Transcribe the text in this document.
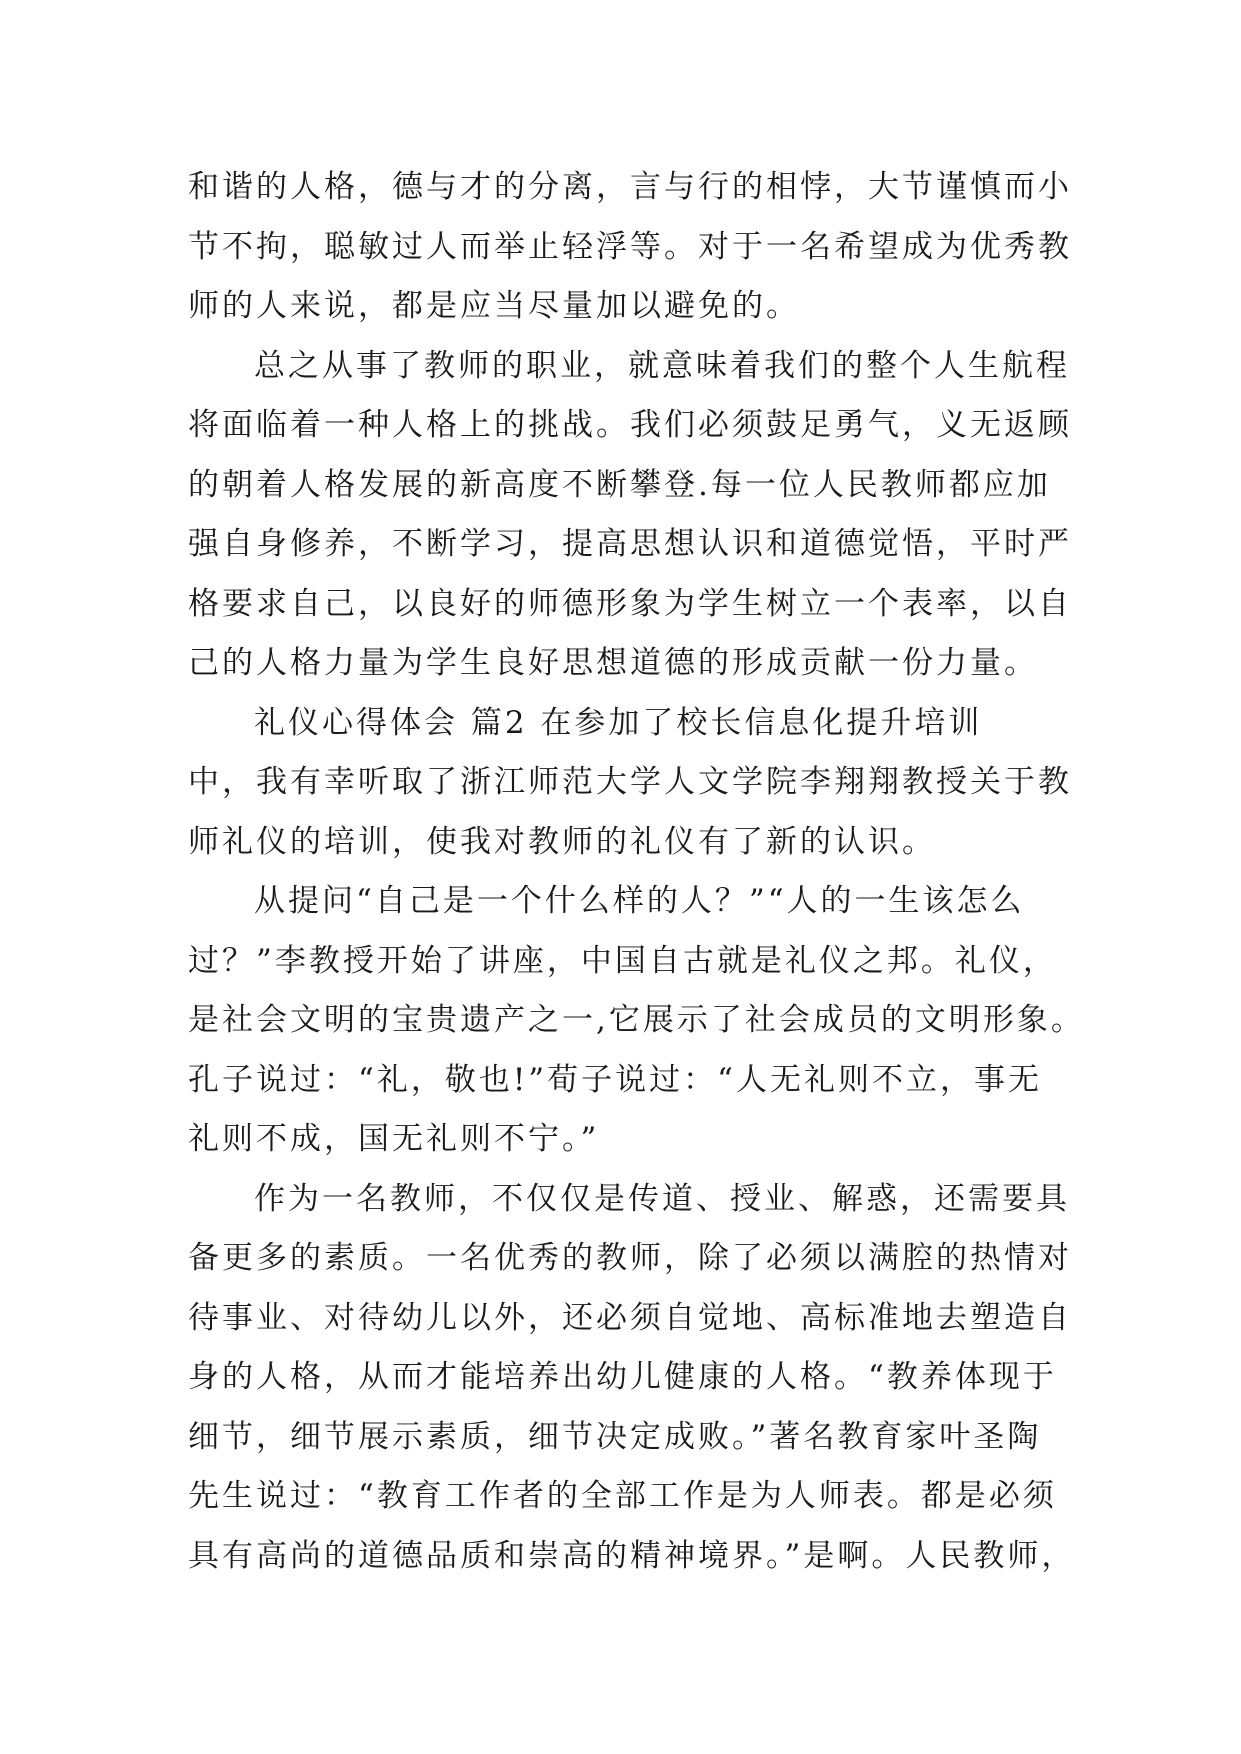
和谐的人格，德与才的分离，言与行的相悖，大节谨慎而小
节不拘，聪敏过人而举止轻浮等。对于一名希望成为优秀教
师的人来说，都是应当尽量加以避免的。
总之从事了教师的职业，就意味着我们的整个人生航程
将面临着一种人格上的挑战。我们必须鼓足勇气，义无返顾
的朝着人格发展的新高度不断攀登.每一位人民教师都应加
强自身修养，不断学习，提高思想认识和道德觉悟，平时严
格要求自己，以良好的师德形象为学生树立一个表率，以自
己的人格力量为学生良好思想道德的形成贡献一份力量。
礼仪心得体会 篇2 在参加了校长信息化提升培训
中，我有幸听取了浙江师范大学人文学院李翔翔教授关于教
师礼仪的培训，使我对教师的礼仪有了新的认识。
从提问“自己是一个什么样的人？”“人的一生该怎么
过？”李教授开始了讲座，中国自古就是礼仪之邦。礼仪，
是社会文明的宝贵遗产之一,它展示了社会成员的文明形象。
孔子说过：“礼，敬也!”荀子说过：“人无礼则不立，事无
礼则不成，国无礼则不宁。”
作为一名教师，不仅仅是传道、授业、解惑，还需要具
备更多的素质。一名优秀的教师，除了必须以满腔的热情对
待事业、对待幼儿以外，还必须自觉地、高标准地去塑造自
身的人格，从而才能培养出幼儿健康的人格。“教养体现于
细节，细节展示素质，细节决定成败。”著名教育家叶圣陶
先生说过：“教育工作者的全部工作是为人师表。都是必须
具有高尚的道德品质和崇高的精神境界。”是啊。人民教师，
